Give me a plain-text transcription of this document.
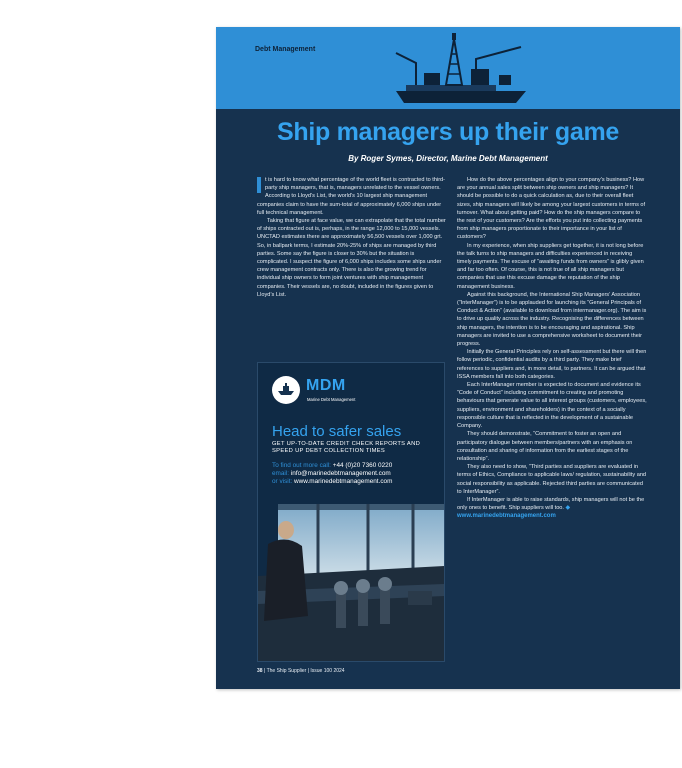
Debt Management
Ship managers up their game
By Roger Symes, Director, Marine Debt Management

t is hard to know what percentage of the world fleet is contracted to third-party ship managers, that is, managers unrelated to the vessel owners. According to Lloyd’s List, the world’s 10 largest ship management companies claim to have the sum-total of approximately 6,000 ships under full technical management.

Taking that figure at face value, we can extrapolate that the total number of ships contracted out is, perhaps, in the range 12,000 to 15,000 vessels. UNCTAD estimates there are approximately 56,500 vessels over 1,000 grt. So, in ballpark terms, I estimate 20%-25% of ships are managed by third parties. Some say the figure is closer to 30% but the situation is complicated. I suspect the figure of 6,000 ships includes some ships under crew management contracts only. There is also the growing trend for individual ship owners to form joint ventures with ship management companies. Their vessels are, no doubt, included in the figures given to Lloyd’s List.

How do the above percentages align to your company’s business? How are your annual sales split between ship owners and ship managers? It should be possible to do a quick calculation as, due to their overall fleet sizes, ship managers will likely be among your largest customers in terms of turnover. What about getting paid? How do the ship managers compare to the rest of your customers? Are the efforts you put into collecting payments from ship managers proportionate to their importance in your list of customers?

In my experience, when ship suppliers get together, it is not long before the talk turns to ship managers and difficulties experienced in receiving timely payments. The excuse of “awaiting funds from owners” is glibly given and far too often. Of course, this is not true of all ship managers but companies that use this excuse damage the reputation of the ship management business.

Against this background, the International Ship Managers’ Association (“InterManager”) is to be applauded for launching its “General Principals of Conduct & Action” (available to download from intermanager.org). The aim is to drive up quality across the industry. Recognising the differences between ship managers, the intention is to be encouraging and aspirational. Ship managers are invited to use a comprehensive worksheet to document their progress.

Initially the General Principles rely on self-assessment but there will then follow periodic, confidential audits by a third party. They make brief references to suppliers and, in more detail, to partners. It can be argued that ISSA members fall into both categories.

Each InterManager member is expected to document and evidence its “Code of Conduct” including commitment to creating and promoting behaviours that generate value to all interest groups (customers, employees, suppliers, environment and shareholders) in the context of a socially responsible culture that is reflected in the development of a sustainable Company.

They should demonstrate, “Commitment to foster an open and participatory dialogue between members/partners with an emphasis on consultation and sharing of information from the earliest stages of the relationship”.

They also need to show, “Third parties and suppliers are evaluated in terms of Ethics, Compliance to applicable laws/ regulation, sustainability and social responsibility as applicable. Rejected third parties are communicated to InterManager”.

If InterManager is able to raise standards, ship managers will not be the only ones to benefit. Ship suppliers will too. ◆

www.marinedebtmanagement.com

MDM
Marine Debt Management
Head to safer sales
GET UP-TO-DATE CREDIT CHECK REPORTS AND SPEED UP DEBT COLLECTION TIMES
To find out more call: +44 (0)20 7360 0220
email: info@marinedebtmanagement.com
or visit: www.marinedebtmanagement.com
38 | The Ship Supplier | Issue 100 2024
